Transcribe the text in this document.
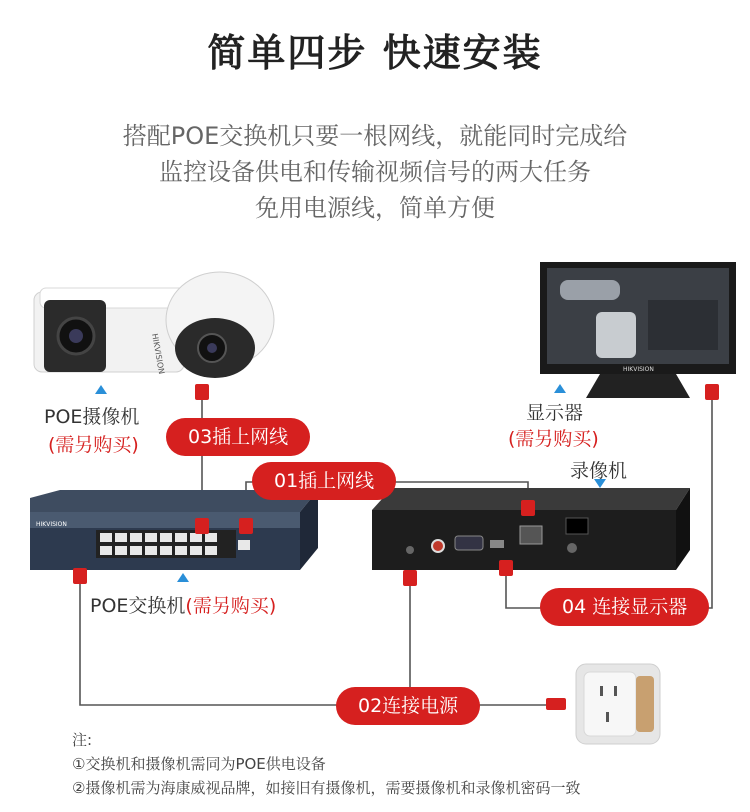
HIKVISION	HIKVISION
HIKVISION
简单四步 快速安装
搭配POE交换机只要一根网线，就能同时完成给
监控设备供电和传输视频信号的两大任务
免用电源线，简单方便
POE摄像机
(需另购买)
显示器
(需另购买)
录像机
POE交换机(需另购买)
03插上网线
01插上网线
04 连接显示器
02连接电源
注:
①交换机和摄像机需同为POE供电设备
②摄像机需为海康威视品牌，如接旧有摄像机，需要摄像机和录像机密码一致
